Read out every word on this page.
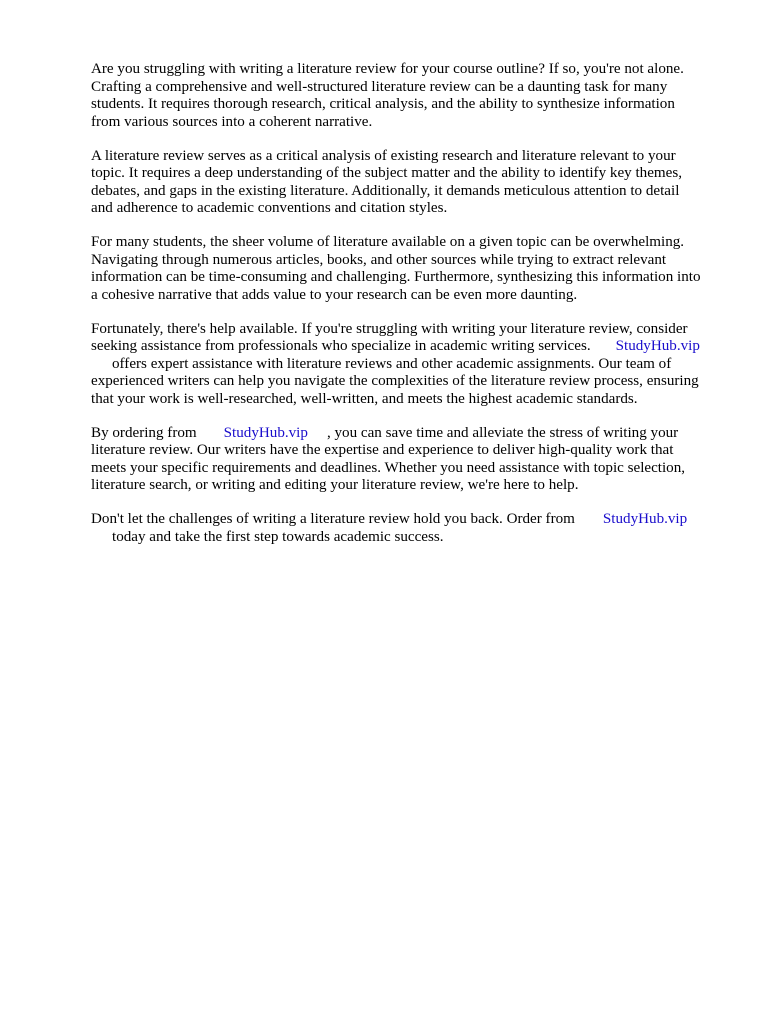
Are you struggling with writing a literature review for your course outline? If so, you're not alone.
Crafting a comprehensive and well-structured literature review can be a daunting task for many
students. It requires thorough research, critical analysis, and the ability to synthesize information
from various sources into a coherent narrative.
A literature review serves as a critical analysis of existing research and literature relevant to your
topic. It requires a deep understanding of the subject matter and the ability to identify key themes,
debates, and gaps in the existing literature. Additionally, it demands meticulous attention to detail
and adherence to academic conventions and citation styles.
For many students, the sheer volume of literature available on a given topic can be overwhelming.
Navigating through numerous articles, books, and other sources while trying to extract relevant
information can be time-consuming and challenging. Furthermore, synthesizing this information into
a cohesive narrative that adds value to your research can be even more daunting.
Fortunately, there's help available. If you're struggling with writing your literature review, consider
seeking assistance from professionals who specialize in academic writing services. StudyHub.vip
offers expert assistance with literature reviews and other academic assignments. Our team of
experienced writers can help you navigate the complexities of the literature review process, ensuring
that your work is well-researched, well-written, and meets the highest academic standards.
By ordering from StudyHub.vip , you can save time and alleviate the stress of writing your
literature review. Our writers have the expertise and experience to deliver high-quality work that
meets your specific requirements and deadlines. Whether you need assistance with topic selection,
literature search, or writing and editing your literature review, we're here to help.
Don't let the challenges of writing a literature review hold you back. Order from StudyHub.vip
today and take the first step towards academic success.
